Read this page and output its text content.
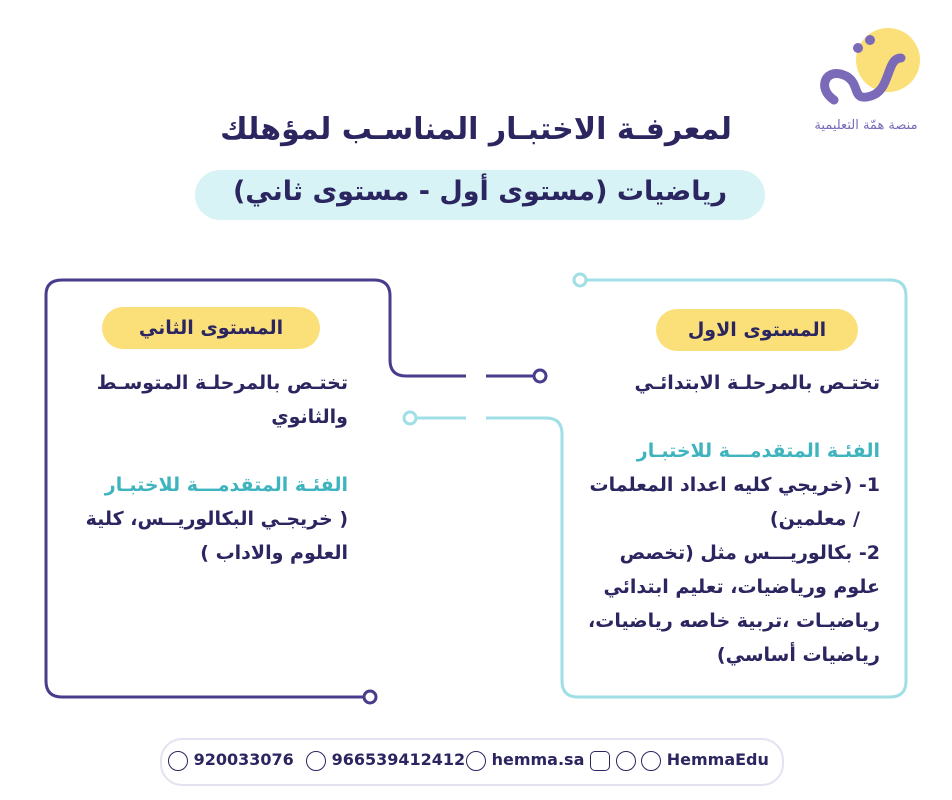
منصة همّة التعليمية
لمعرفـة الاختبـار المناسـب لمؤهلك
رياضيات (مستوى أول - مستوى ثاني)
المستوى الاول
تختـص بالمرحلـة الابتدائـي
الفئـة المتقدمـــة للاختبـار
1- (خريجي كليه اعداد المعلمات
/ معلمين)
2- بكالوريـــس مثل (تخصص
علوم ورياضيات، تعليم ابتدائي
رياضيـات ،تربية خاصه رياضيات،
رياضيات أساسي)
المستوى الثاني
تختـص بالمرحلـة المتوسـط
والثانوي
الفئـة المتقدمـــة للاختبـار
( خريجـي البكالوريــس، كلية
العلوم والاداب )
920033076	966539412412	hemma.sa	HemmaEdu
